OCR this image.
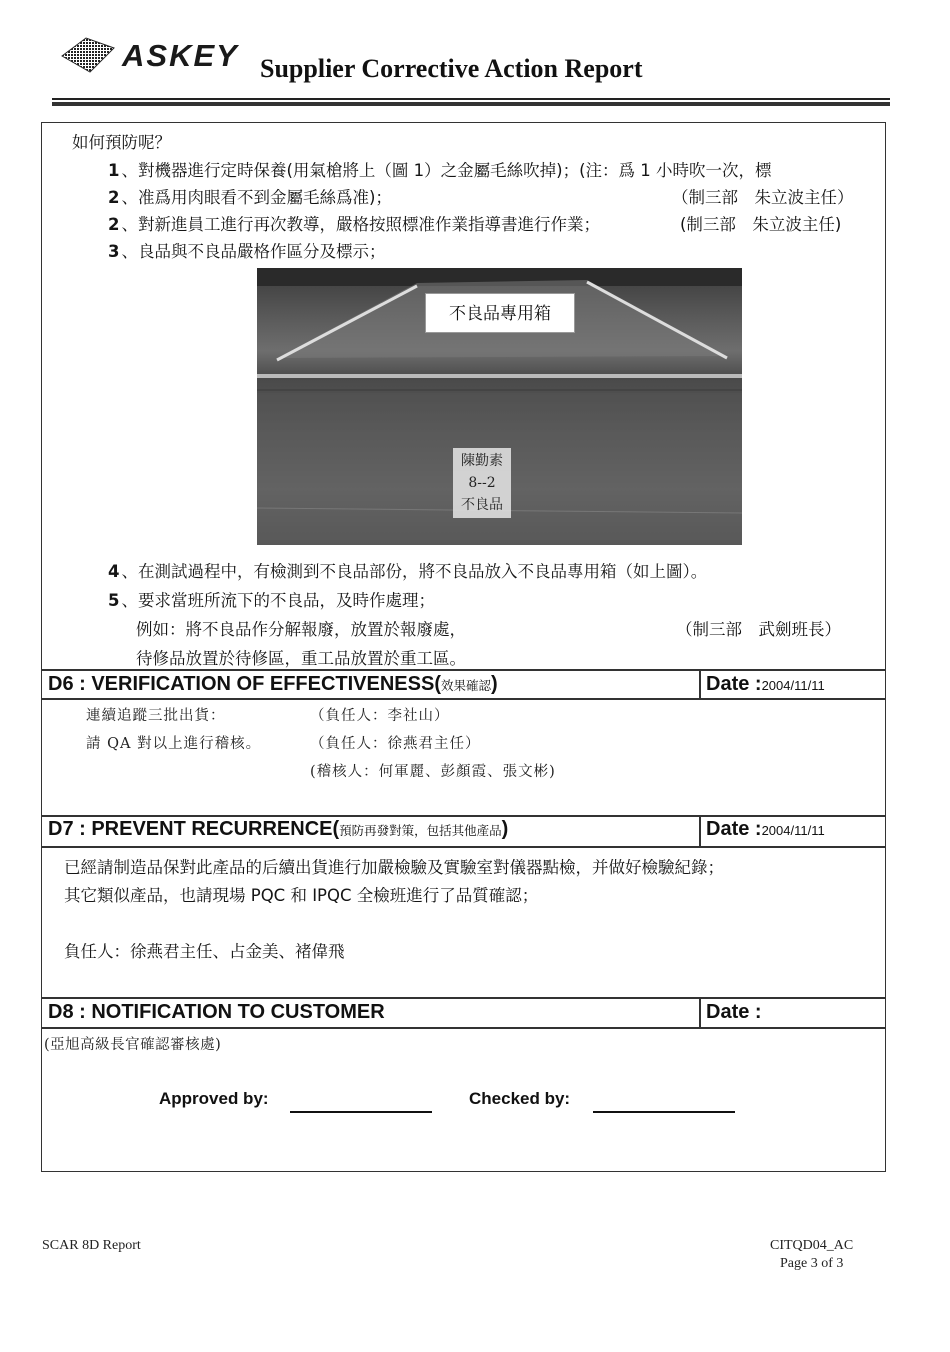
ASKEY Supplier Corrective Action Report
如何預防呢？
1 、對機器進行定時保養(用氣槍將上（圖 1）之金屬毛絲吹掉)；(注：爲 1 小時吹一次，標
2 、准爲用肉眼看不到金屬毛絲爲准)；	（制三部　朱立波主任）
2 、對新進員工進行再次教導，嚴格按照標准作業指導書進行作業；	(制三部　朱立波主任)
3 、良品與不良品嚴格作區分及標示；
不良品專用箱
陳勤素
8--2
不良品
4 、在測試過程中，有檢測到不良品部份，將不良品放入不良品專用箱（如上圖）。
5 、要求當班所流下的不良品，及時作處理；
例如：將不良品作分解報廢，放置於報廢處，	（制三部　武劍班長）
待修品放置於待修區，重工品放置於重工區。
D6 : VERIFICATION OF EFFECTIVENESS(效果確認)	Date :2004/11/11
連續追蹤三批出貨：	（負任人：李社山）
請 QA 對以上進行稽核。	（負任人：徐燕君主任）
(稽核人：何軍麗、彭顏霞、張文彬)
D7 : PREVENT RECURRENCE(預防再發對策，包括其他產品)	Date :2004/11/11
已經請制造品保對此產品的后續出貨進行加嚴檢驗及實驗室對儀器點檢，并做好檢驗紀錄；
其它類似產品，也請現場 PQC 和 IPQC 全檢班進行了品質確認；
負任人：徐燕君主任、占金美、褚偉飛
D8 : NOTIFICATION TO CUSTOMER	Date :
(亞旭高級長官確認審核處)
Approved by:	Checked by:
SCAR 8D Report	CITQD04_AC
Page 3 of 3
